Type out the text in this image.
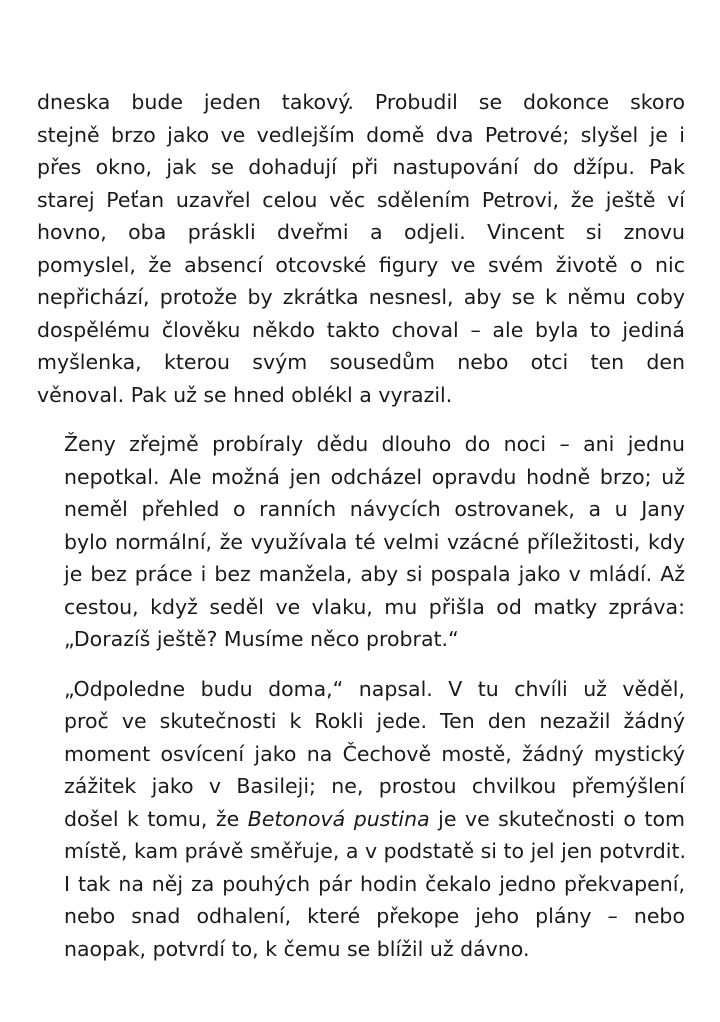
dneska bude jeden takový. Probudil se dokonce skoro
stejně brzo jako ve vedlejším domě dva Petrové; slyšel je i
přes okno, jak se dohadují při nastupování do džípu. Pak
starej Peťan uzavřel celou věc sdělením Petrovi, že ještě ví
hovno, oba práskli dveřmi a odjeli. Vincent si znovu
pomyslel, že absencí otcovské figury ve svém životě o nic
nepřichází, protože by zkrátka nesnesl, aby se k němu coby
dospělému člověku někdo takto choval – ale byla to jediná
myšlenka, kterou svým sousedům nebo otci ten den
věnoval. Pak už se hned oblékl a vyrazil.

Ženy zřejmě probíraly dědu dlouho do noci – ani jednu
nepotkal. Ale možná jen odcházel opravdu hodně brzo; už
neměl přehled o ranních návycích ostrovanek, a u Jany
bylo normální, že využívala té velmi vzácné příležitosti, kdy
je bez práce i bez manžela, aby si pospala jako v mládí. Až
cestou, když seděl ve vlaku, mu přišla od matky zpráva:
„Dorazíš ještě? Musíme něco probrat.“

„Odpoledne budu doma,“ napsal. V tu chvíli už věděl,
proč ve skutečnosti k Rokli jede. Ten den nezažil žádný
moment osvícení jako na Čechově mostě, žádný mystický
zážitek jako v Basileji; ne, prostou chvilkou přemýšlení
došel k tomu, že Betonová pustina je ve skutečnosti o tom
místě, kam právě směřuje, a v podstatě si to jel jen potvrdit.
I tak na něj za pouhých pár hodin čekalo jedno překvapení,
nebo snad odhalení, které překope jeho plány – nebo
naopak, potvrdí to, k čemu se blížil už dávno.
